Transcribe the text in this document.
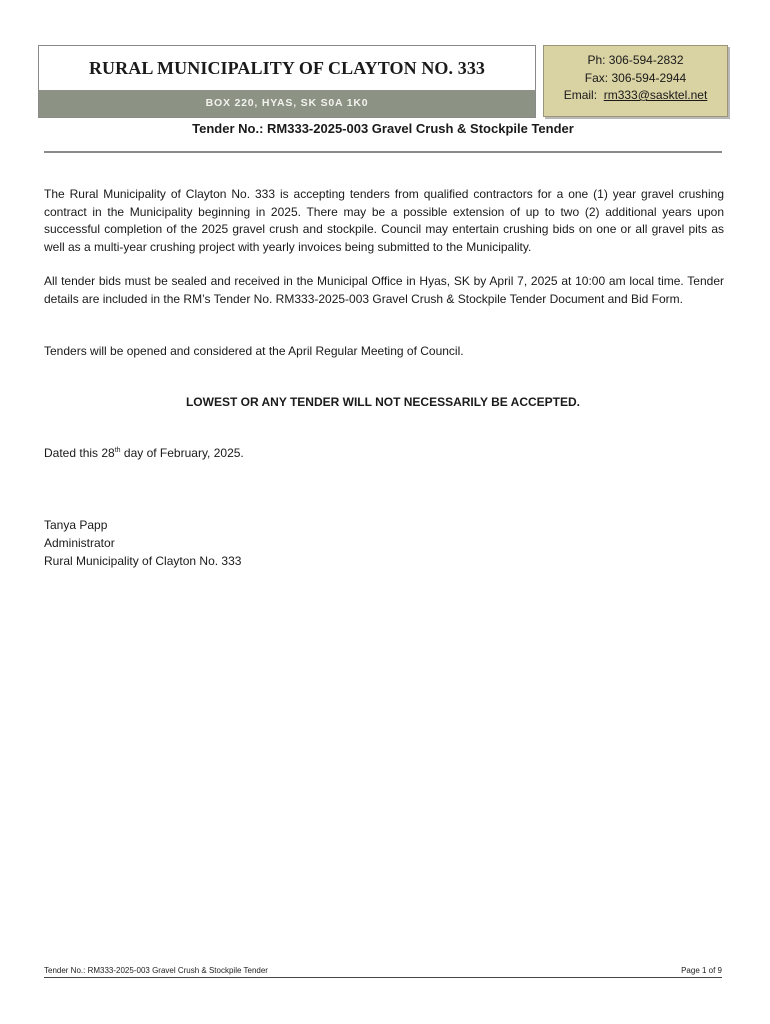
RURAL MUNICIPALITY OF CLAYTON NO. 333
BOX 220, HYAS, SK S0A 1K0
Ph: 306-594-2832
Fax: 306-594-2944
Email: rm333@sasktel.net
Tender No.: RM333-2025-003 Gravel Crush & Stockpile Tender

The Rural Municipality of Clayton No. 333 is accepting tenders from qualified contractors for a one (1) year gravel crushing contract in the Municipality beginning in 2025. There may be a possible extension of up to two (2) additional years upon successful completion of the 2025 gravel crush and stockpile. Council may entertain crushing bids on one or all gravel pits as well as a multi-year crushing project with yearly invoices being submitted to the Municipality.

All tender bids must be sealed and received in the Municipal Office in Hyas, SK by April 7, 2025 at 10:00 am local time. Tender details are included in the RM’s Tender No. RM333-2025-003 Gravel Crush & Stockpile Tender Document and Bid Form.

Tenders will be opened and considered at the April Regular Meeting of Council.

LOWEST OR ANY TENDER WILL NOT NECESSARILY BE ACCEPTED.
Dated this 28th day of February, 2025.
Tanya Papp
Administrator
Rural Municipality of Clayton No. 333
Tender No.: RM333-2025-003 Gravel Crush & Stockpile Tender	Page 1 of 9
